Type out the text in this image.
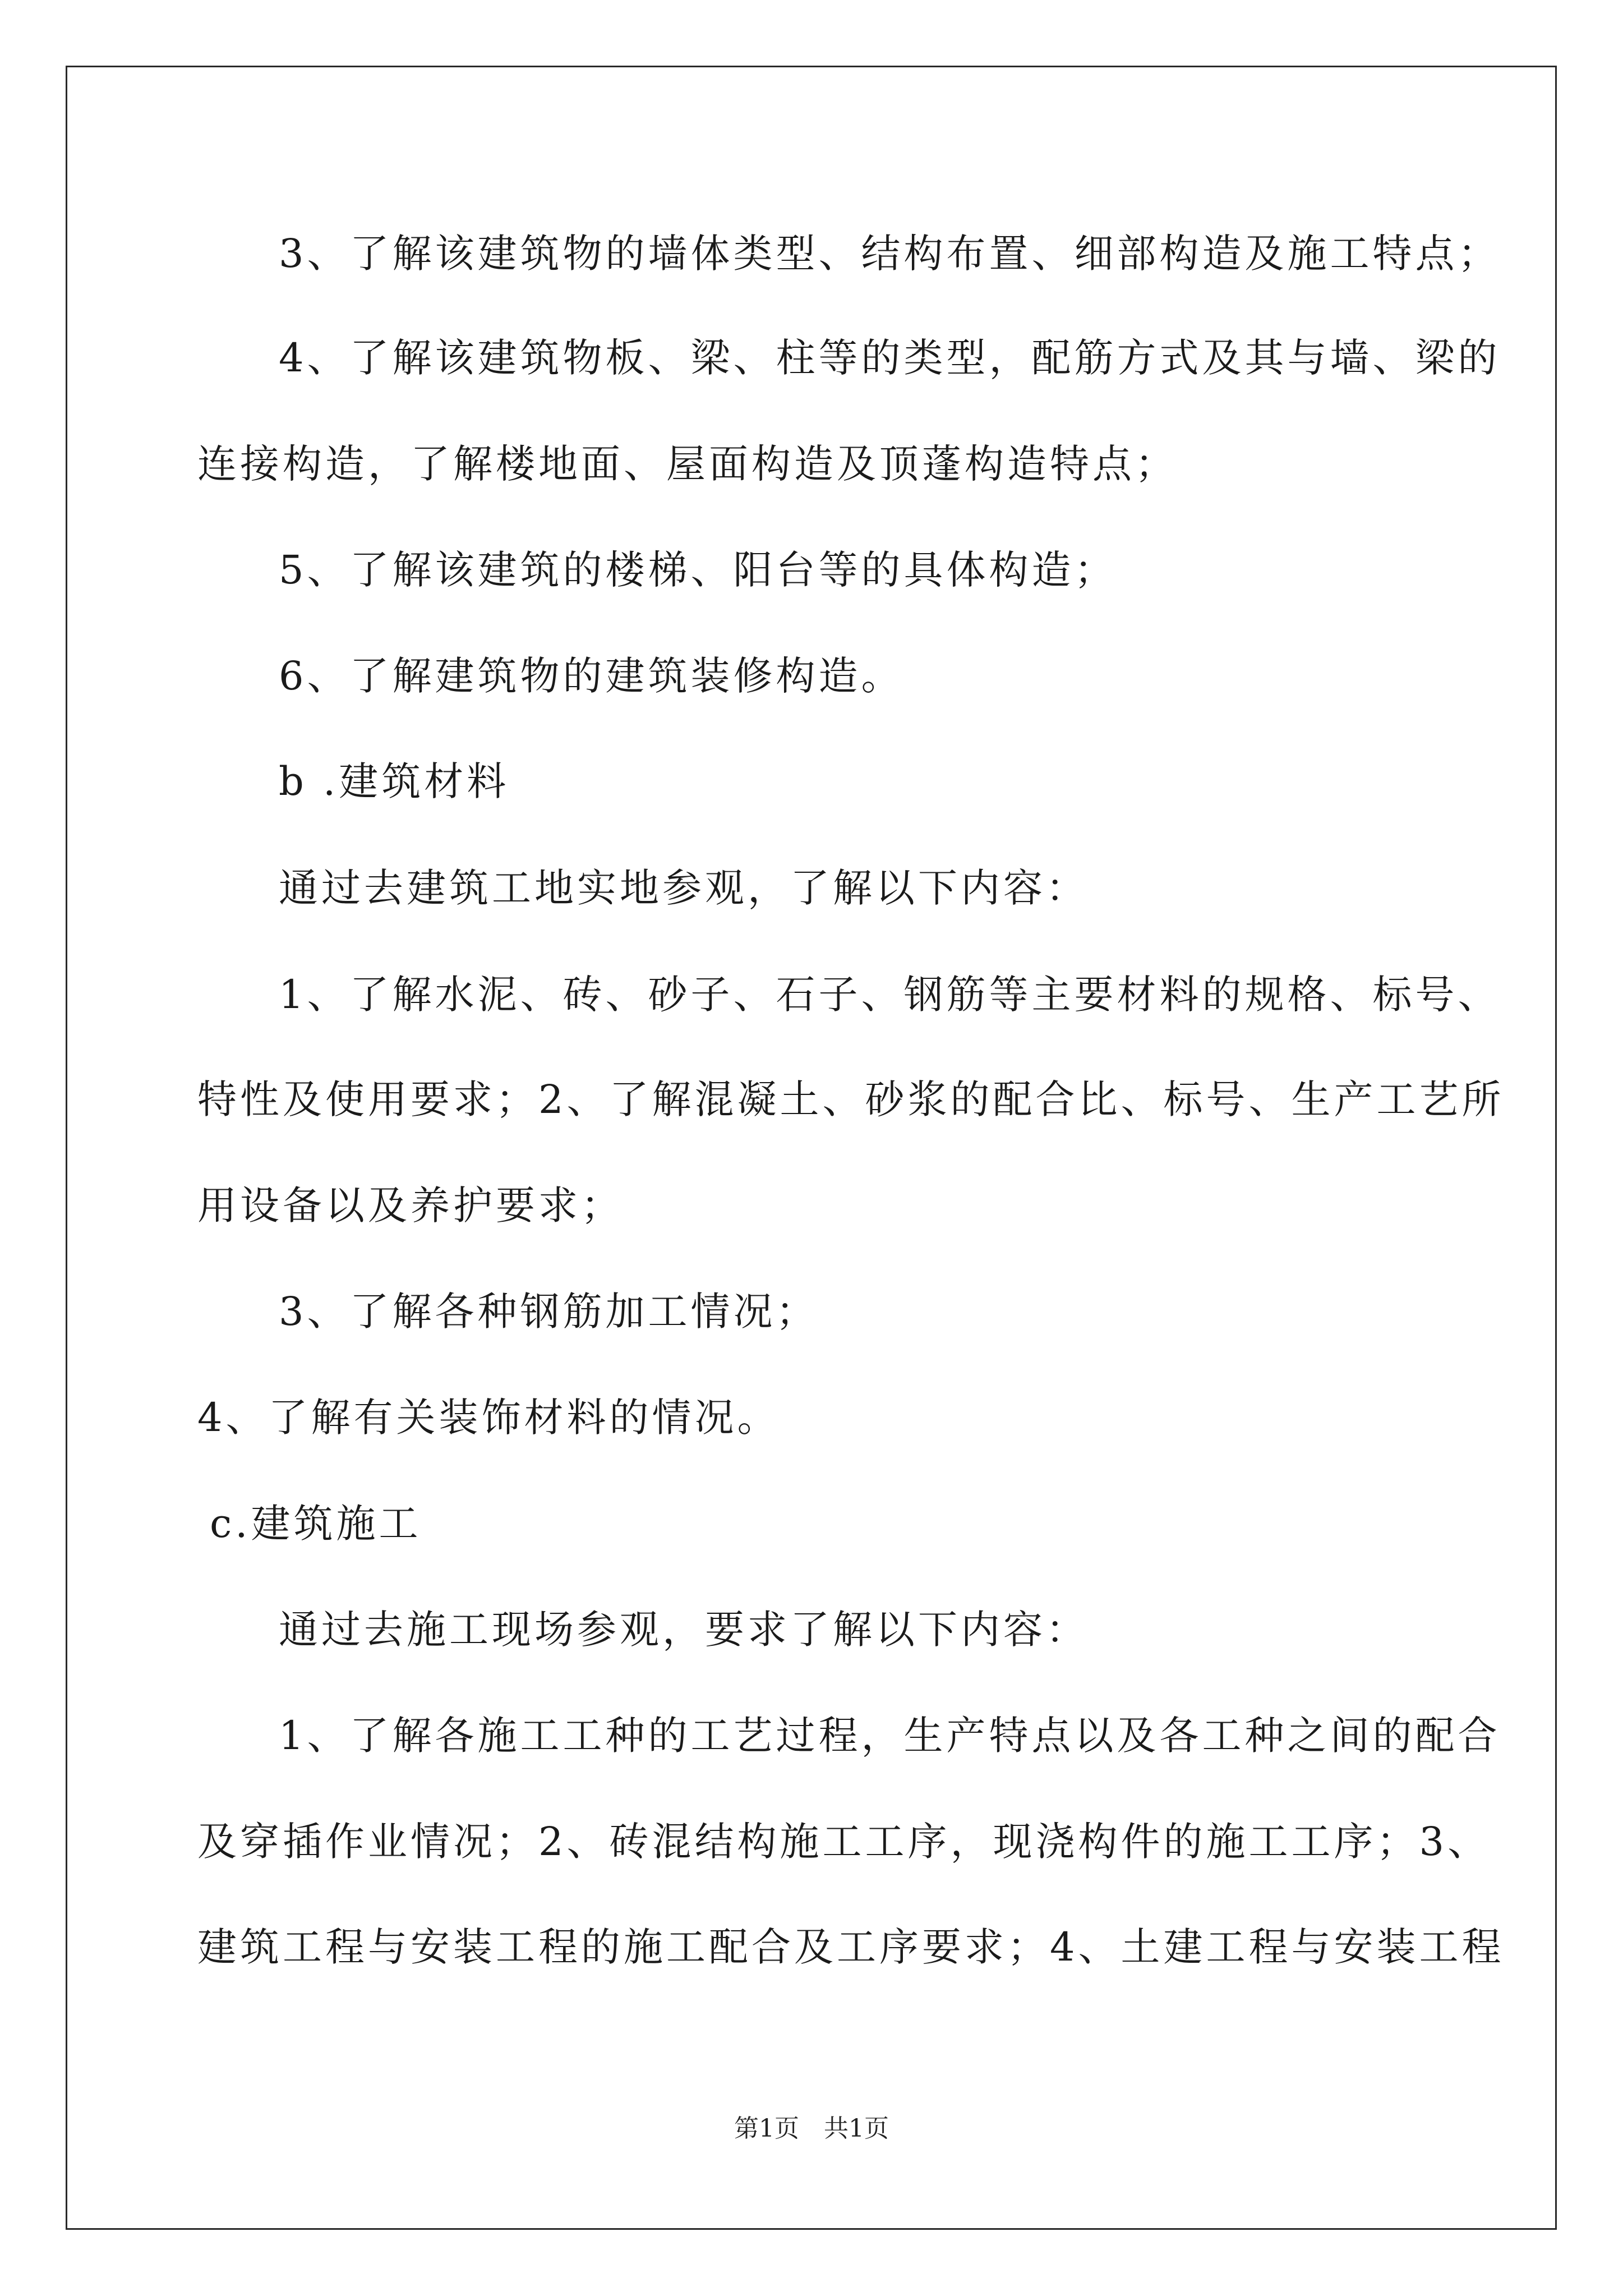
3、了解该建筑物的墙体类型、结构布置、细部构造及施工特点；
4、了解该建筑物板、梁、柱等的类型，配筋方式及其与墙、梁的
连接构造，了解楼地面、屋面构造及顶蓬构造特点；
5、了解该建筑的楼梯、阳台等的具体构造；
6、了解建筑物的建筑装修构造。
b .建筑材料
通过去建筑工地实地参观，了解以下内容：
1、了解水泥、砖、砂子、石子、钢筋等主要材料的规格、标号、
特性及使用要求；2、了解混凝土、砂浆的配合比、标号、生产工艺所
用设备以及养护要求；
3、了解各种钢筋加工情况；
4、了解有关装饰材料的情况。
c.建筑施工
通过去施工现场参观，要求了解以下内容：
1、了解各施工工种的工艺过程，生产特点以及各工种之间的配合
及穿插作业情况；2、砖混结构施工工序，现浇构件的施工工序；3、
建筑工程与安装工程的施工配合及工序要求；4、土建工程与安装工程
第1页　共1页
